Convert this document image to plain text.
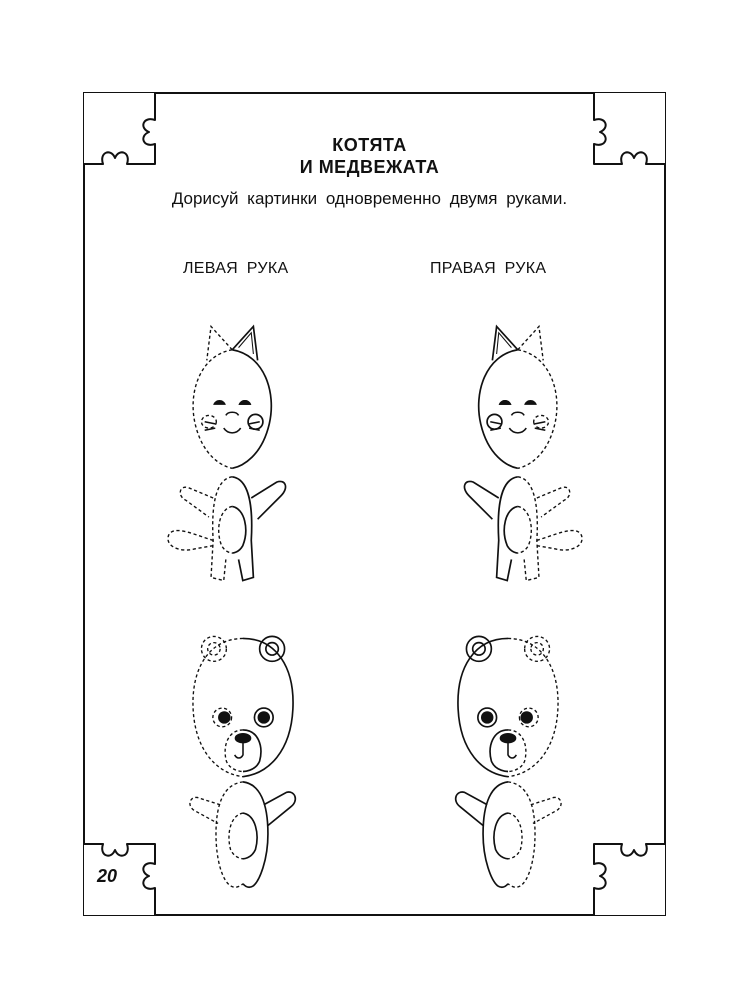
КОТЯТА
И МЕДВЕЖАТА
Дорисуй картинки одновременно двумя руками.
ЛЕВАЯ РУКА	ПРАВАЯ РУКА
20
